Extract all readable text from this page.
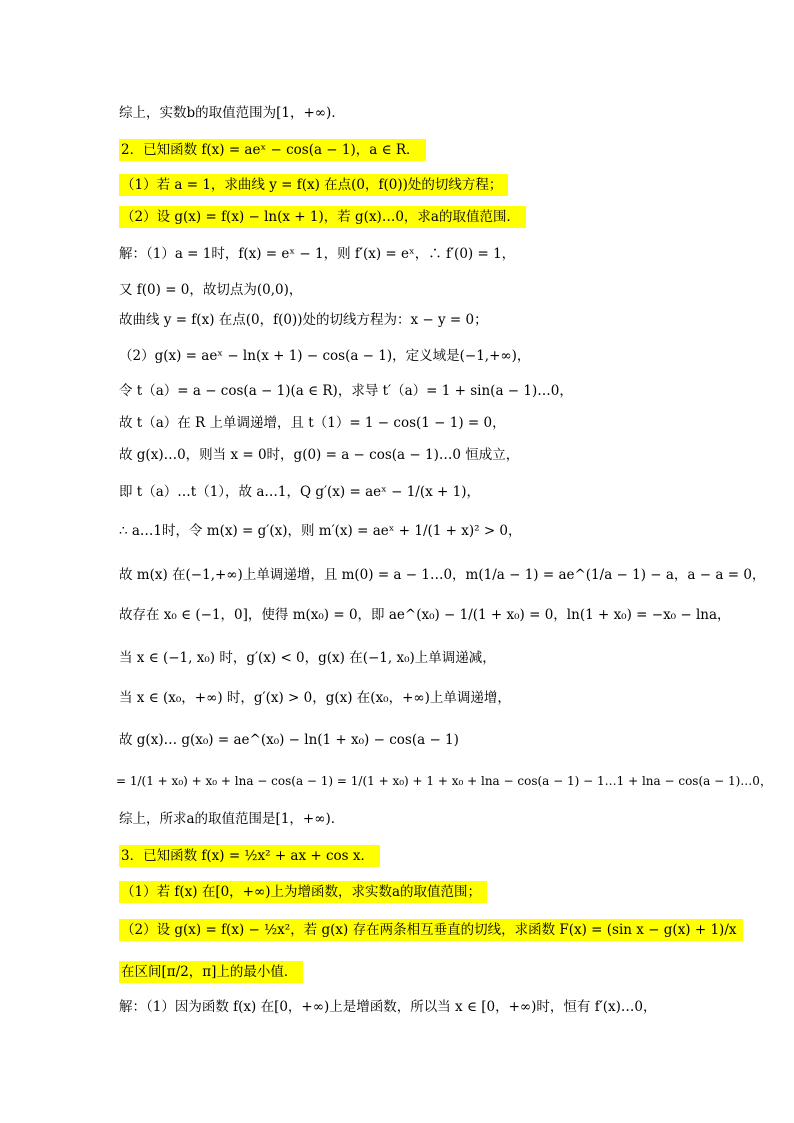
综上，实数b的取值范围为[1，+∞)．
2．已知函数 f(x) = aeˣ − cos(a − 1)，a ∈ R．
（1）若 a = 1，求曲线 y = f(x) 在点(0，f(0))处的切线方程；
（2）设 g(x) = f(x) − ln(x + 1)，若 g(x)…0，求a的取值范围．
解：（1）a = 1时，f(x) = eˣ − 1，则 f′(x) = eˣ，∴ f′(0) = 1，
又 f(0) = 0，故切点为(0,0)，
故曲线 y = f(x) 在点(0，f(0))处的切线方程为：x − y = 0；
（2）g(x) = aeˣ − ln(x + 1) − cos(a − 1)，定义域是(−1,+∞)，
令 t（a）= a − cos(a − 1)(a ∈ R)，求导 t′（a）= 1 + sin(a − 1)…0，
故 t（a）在 R 上单调递增，且 t（1）= 1 − cos(1 − 1) = 0，
故 g(x)…0，则当 x = 0时，g(0) = a − cos(a − 1)…0 恒成立，
即 t（a）…t（1），故 a…1，Q g′(x) = aeˣ − 1/(x + 1)，
∴ a…1时，令 m(x) = g′(x)，则 m′(x) = aeˣ + 1/(1 + x)² > 0，
故 m(x) 在(−1,+∞)上单调递增，且 m(0) = a − 1…0，m(1/a − 1) = ae^(1/a − 1) − a，a − a = 0，
故存在 x₀ ∈ (−1，0]，使得 m(x₀) = 0，即 ae^(x₀) − 1/(1 + x₀) = 0，ln(1 + x₀) = −x₀ − lna，
当 x ∈ (−1, x₀) 时，g′(x) < 0，g(x) 在(−1, x₀)上单调递减，
当 x ∈ (x₀，+∞) 时，g′(x) > 0，g(x) 在(x₀，+∞)上单调递增，
故 g(x)… g(x₀) = ae^(x₀) − ln(1 + x₀) − cos(a − 1)
= 1/(1 + x₀) + x₀ + lna − cos(a − 1) = 1/(1 + x₀) + 1 + x₀ + lna − cos(a − 1) − 1…1 + lna − cos(a − 1)…0，
综上，所求a的取值范围是[1，+∞)．
3．已知函数 f(x) = ½x² + ax + cos x．
（1）若 f(x) 在[0，+∞)上为增函数，求实数a的取值范围；
（2）设 g(x) = f(x) − ½x²，若 g(x) 存在两条相互垂直的切线，求函数 F(x) = (sin x − g(x) + 1)/x
在区间[π/2，π]上的最小值．
解：（1）因为函数 f(x) 在[0，+∞)上是增函数，所以当 x ∈ [0，+∞)时，恒有 f′(x)…0，
